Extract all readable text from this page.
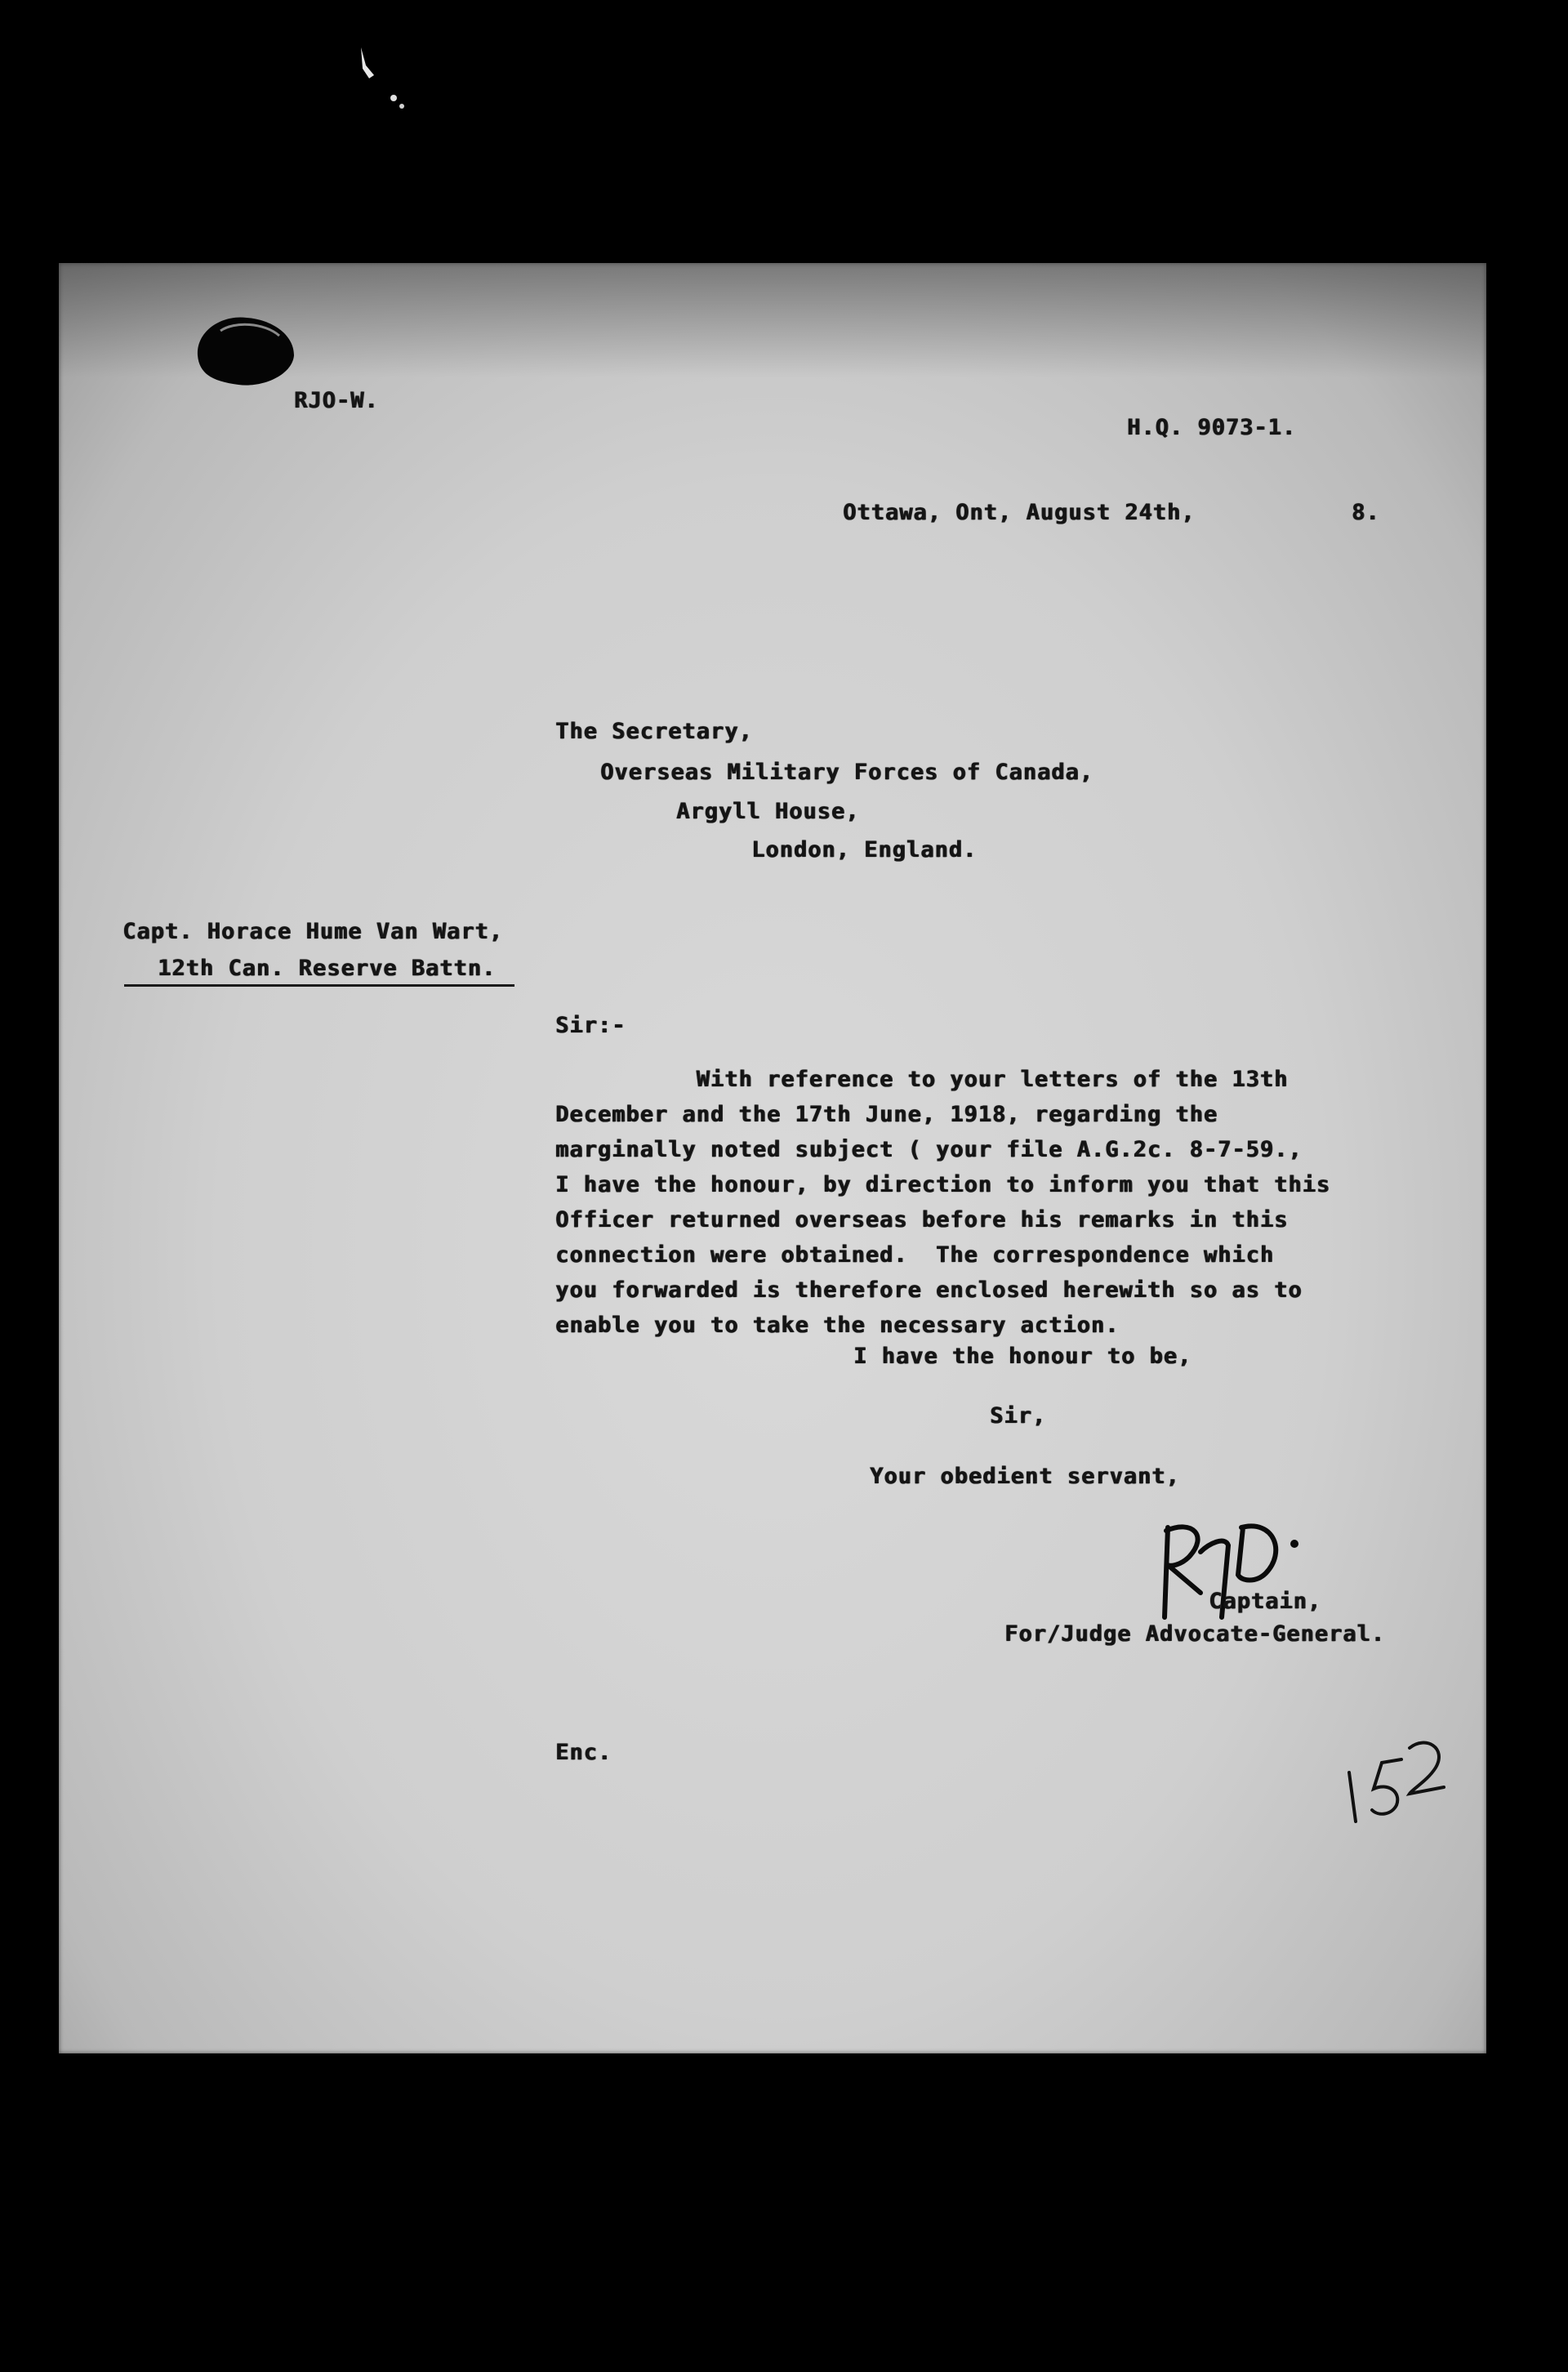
RJO-W.
H.Q. 9073-1.
Ottawa, Ont, August 24th,	8.
The Secretary,
Overseas Military Forces of Canada,
Argyll House,
London, England.
Capt. Horace Hume Van Wart,
12th Can. Reserve Battn.
Sir:-
With reference to your letters of the 13th
December and the 17th June, 1918, regarding the
marginally noted subject ( your file A.G.2c. 8-7-59.,
I have the honour, by direction to inform you that this
Officer returned overseas before his remarks in this
connection were obtained.  The correspondence which
you forwarded is therefore enclosed herewith so as to
enable you to take the necessary action.
I have the honour to be,
Sir,
Your obedient servant,
Captain,
For/Judge Advocate-General.
Enc.
